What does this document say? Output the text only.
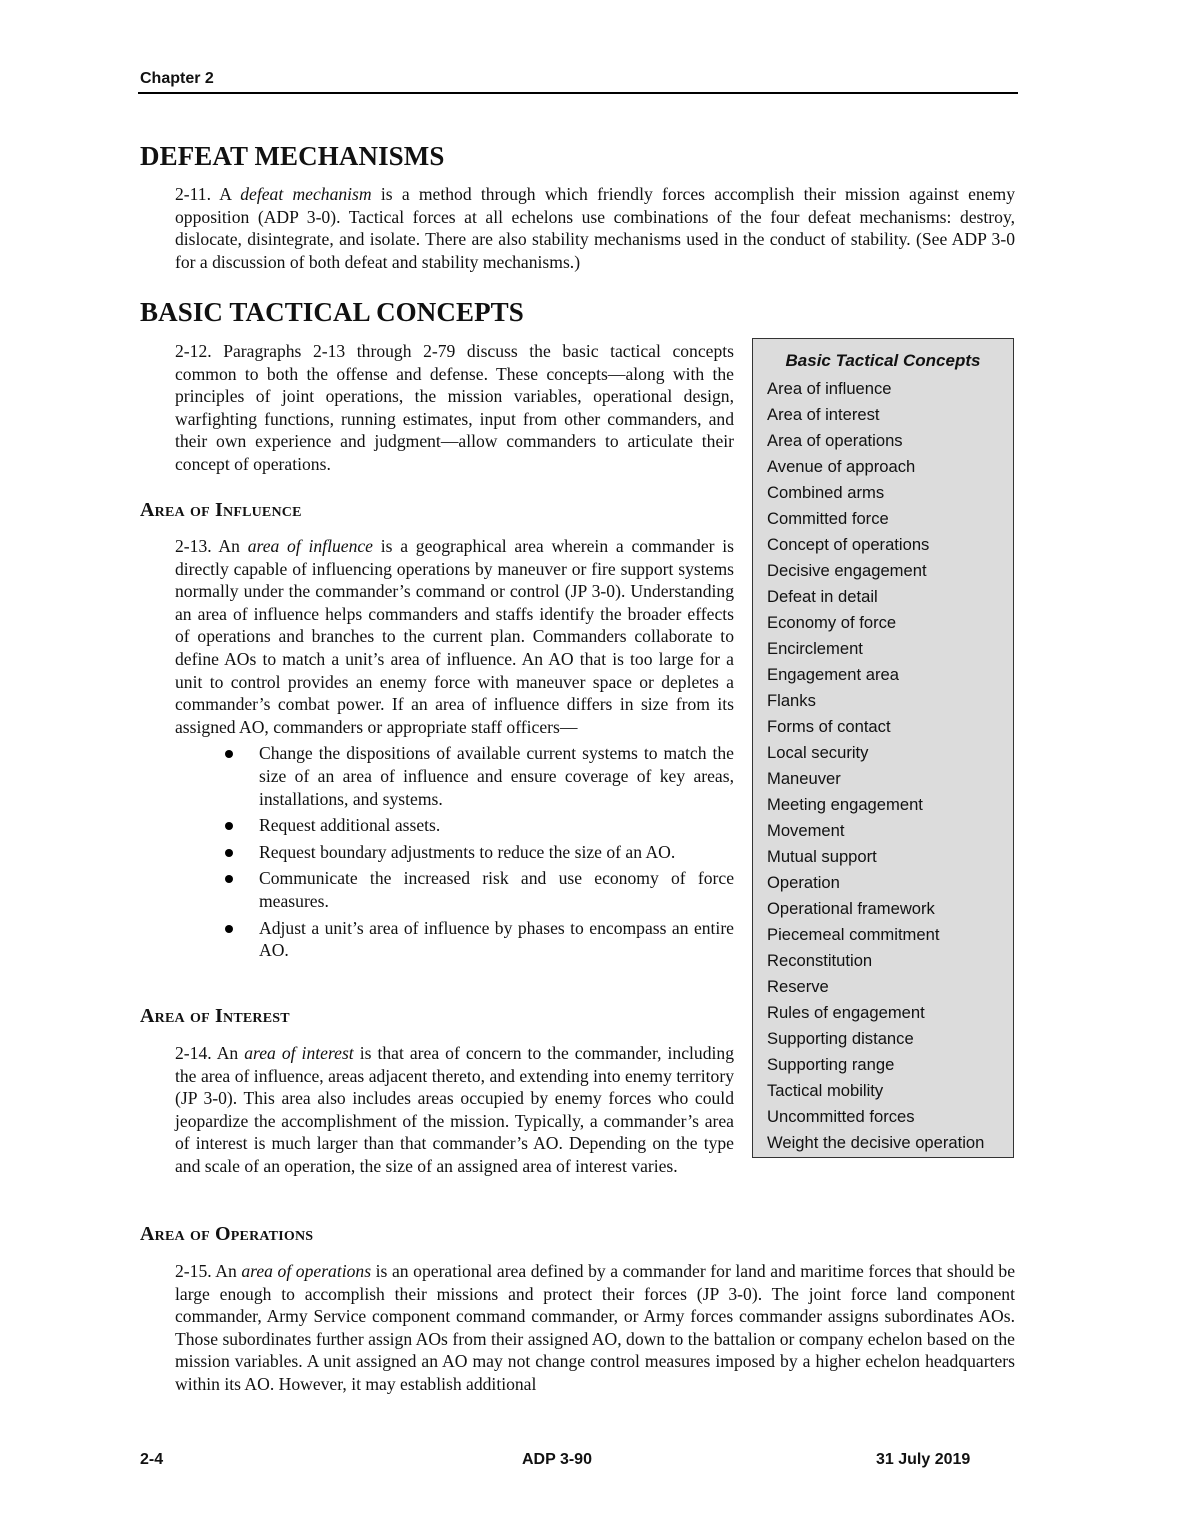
Chapter 2
DEFEAT MECHANISMS

2-11. A defeat mechanism is a method through which friendly forces accomplish their mission against enemy opposition (ADP 3-0). Tactical forces at all echelons use combinations of the four defeat mechanisms: destroy, dislocate, disintegrate, and isolate. There are also stability mechanisms used in the conduct of stability. (See ADP 3-0 for a discussion of both defeat and stability mechanisms.)

BASIC TACTICAL CONCEPTS

2-12. Paragraphs 2-13 through 2-79 discuss the basic tactical concepts common to both the offense and defense. These concepts—along with the principles of joint operations, the mission variables, operational design, warfighting functions, running estimates, input from other commanders, and their own experience and judgment—allow commanders to articulate their concept of operations.

Area of Influence

2-13. An area of influence is a geographical area wherein a commander is directly capable of influencing operations by maneuver or fire support systems normally under the commander’s command or control (JP 3-0). Understanding an area of influence helps commanders and staffs identify the broader effects of operations and branches to the current plan. Commanders collaborate to define AOs to match a unit’s area of influence. An AO that is too large for a unit to control provides an enemy force with maneuver space or depletes a commander’s combat power. If an area of influence differs in size from its assigned AO, commanders or appropriate staff officers—

Change the dispositions of available current systems to match the size of an area of influence and ensure coverage of key areas, installations, and systems.
Request additional assets.
Request boundary adjustments to reduce the size of an AO.
Communicate the increased risk and use economy of force measures.
Adjust a unit’s area of influence by phases to encompass an entire AO.
Area of Interest

2-14. An area of interest is that area of concern to the commander, including the area of influence, areas adjacent thereto, and extending into enemy territory (JP 3-0). This area also includes areas occupied by enemy forces who could jeopardize the accomplishment of the mission. Typically, a commander’s area of interest is much larger than that commander’s AO. Depending on the type and scale of an operation, the size of an assigned area of interest varies.

Area of Operations

2-15. An area of operations is an operational area defined by a commander for land and maritime forces that should be large enough to accomplish their missions and protect their forces (JP 3-0). The joint force land component commander, Army Service component command commander, or Army forces commander assigns subordinates AOs. Those subordinates further assign AOs from their assigned AO, down to the battalion or company echelon based on the mission variables. A unit assigned an AO may not change control measures imposed by a higher echelon headquarters within its AO. However, it may establish additional

Basic Tactical Concepts
Area of influence
Area of interest
Area of operations
Avenue of approach
Combined arms
Committed force
Concept of operations
Decisive engagement
Defeat in detail
Economy of force
Encirclement
Engagement area
Flanks
Forms of contact
Local security
Maneuver
Meeting engagement
Movement
Mutual support
Operation
Operational framework
Piecemeal commitment
Reconstitution
Reserve
Rules of engagement
Supporting distance
Supporting range
Tactical mobility
Uncommitted forces
Weight the decisive operation
2-4	ADP 3-90	31 July 2019
